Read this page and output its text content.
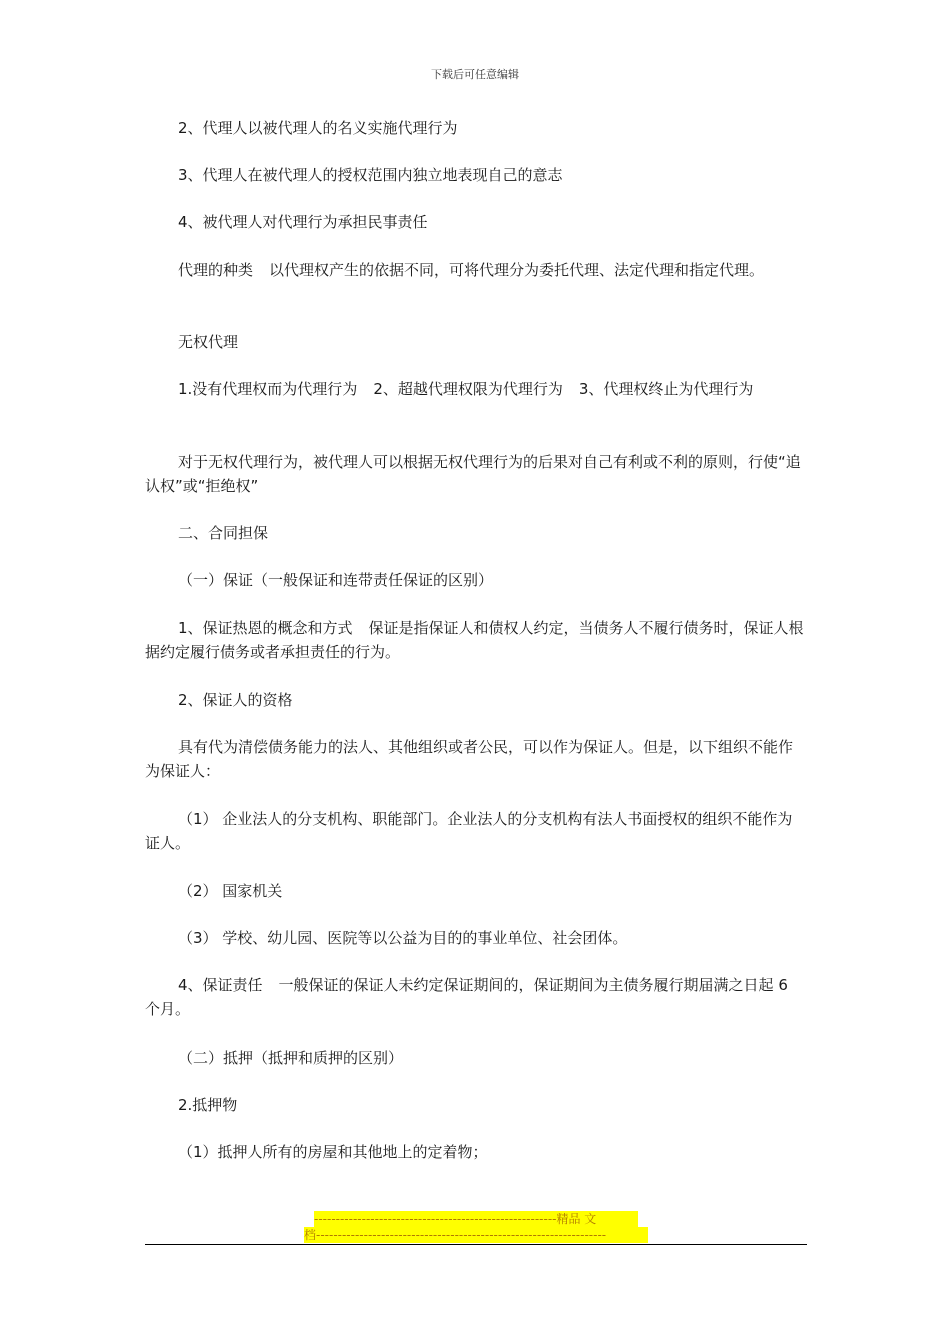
下载后可任意编辑

2、代理人以被代理人的名义实施代理行为

3、代理人在被代理人的授权范围内独立地表现自己的意志

4、被代理人对代理行为承担民事责任

代理的种类 以代理权产生的依据不同，可将代理分为委托代理、法定代理和指定代理。

无权代理

1.没有代理权而为代理行为 2、超越代理权限为代理行为 3、代理权终止为代理行为

对于无权代理行为，被代理人可以根据无权代理行为的后果对自己有利或不利的原则，行使“追认权”或“拒绝权”

二、合同担保

（一）保证（一般保证和连带责任保证的区别）

1、保证热恩的概念和方式 保证是指保证人和债权人约定，当债务人不履行债务时，保证人根据约定履行债务或者承担责任的行为。

2、保证人的资格

具有代为清偿债务能力的法人、其他组织或者公民，可以作为保证人。但是，以下组织不能作为保证人：

（1） 企业法人的分支机构、职能部门。企业法人的分支机构有法人书面授权的组织不能作为证人。

（2） 国家机关

（3） 学校、幼儿园、医院等以公益为目的的事业单位、社会团体。

4、保证责任 一般保证的保证人未约定保证期间的，保证期间为主债务履行期届满之日起 6 个月。

（二）抵押（抵押和质押的区别）

2.抵押物

（1）抵押人所有的房屋和其他地上的定着物；

--------------------------------------------------------精品 文
档-------------------------------------------------------------------
